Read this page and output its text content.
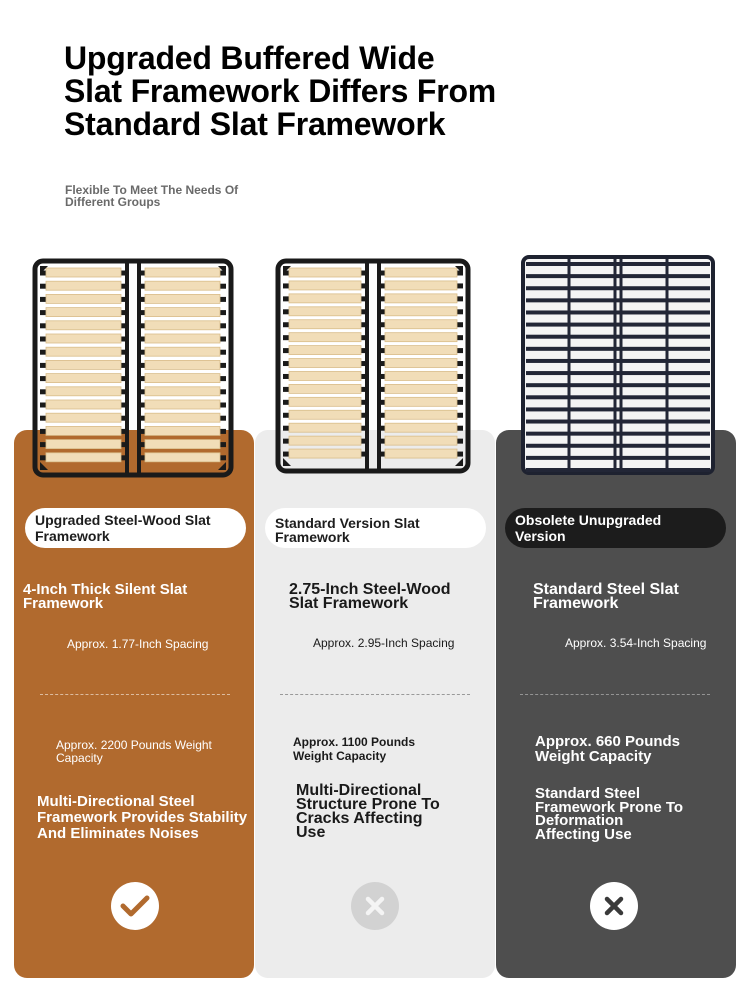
Upgraded Buffered Wide
Slat Framework Differs From
Standard Slat Framework
Flexible To Meet The Needs Of
Different Groups
Upgraded Steel-Wood Slat
Framework
Standard Version Slat
Framework
Obsolete Unupgraded
Version
4-Inch Thick Silent Slat
Framework
Approx. 1.77-Inch Spacing
Approx. 2200 Pounds Weight
Capacity
Multi-Directional Steel
Framework Provides Stability
And Eliminates Noises
2.75-Inch Steel-Wood
Slat Framework
Approx. 2.95-Inch Spacing
Approx. 1100 Pounds
Weight Capacity
Multi-Directional
Structure Prone To
Cracks Affecting
Use
Standard Steel Slat
Framework
Approx. 3.54-Inch Spacing
Approx. 660 Pounds
Weight Capacity
Standard Steel
Framework Prone To
Deformation
Affecting Use
